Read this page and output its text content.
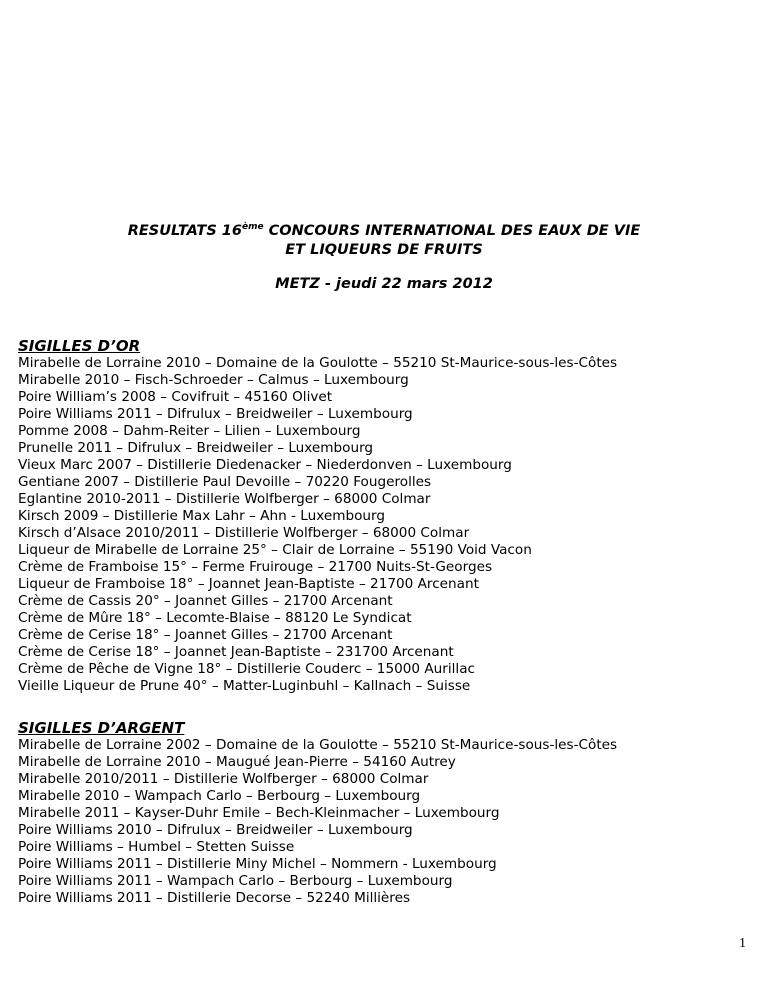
RESULTATS 16ème CONCOURS INTERNATIONAL DES EAUX DE VIE
ET LIQUEURS DE FRUITS
METZ - jeudi 22 mars 2012
SIGILLES D’OR
Mirabelle de Lorraine 2010 – Domaine de la Goulotte – 55210 St-Maurice-sous-les-Côtes
Mirabelle 2010 – Fisch-Schroeder – Calmus – Luxembourg
Poire William’s 2008 – Covifruit – 45160 Olivet
Poire Williams 2011 – Difrulux – Breidweiler – Luxembourg
Pomme 2008 – Dahm-Reiter – Lilien – Luxembourg
Prunelle 2011 – Difrulux – Breidweiler – Luxembourg
Vieux Marc 2007 – Distillerie Diedenacker – Niederdonven – Luxembourg
Gentiane 2007 – Distillerie Paul Devoille – 70220 Fougerolles
Eglantine 2010-2011 – Distillerie Wolfberger – 68000 Colmar
Kirsch 2009 – Distillerie Max Lahr – Ahn - Luxembourg
Kirsch d’Alsace 2010/2011 – Distillerie Wolfberger – 68000 Colmar
Liqueur de Mirabelle de Lorraine 25° – Clair de Lorraine – 55190 Void Vacon
Crème de Framboise 15° – Ferme Fruirouge – 21700 Nuits-St-Georges
Liqueur de Framboise 18° – Joannet Jean-Baptiste – 21700 Arcenant
Crème de Cassis 20° – Joannet Gilles – 21700 Arcenant
Crème de Mûre 18° – Lecomte-Blaise – 88120 Le Syndicat
Crème de Cerise 18° – Joannet Gilles – 21700 Arcenant
Crème de Cerise 18° – Joannet Jean-Baptiste – 231700 Arcenant
Crème de Pêche de Vigne 18° – Distillerie Couderc – 15000 Aurillac
Vieille Liqueur de Prune 40° – Matter-Luginbuhl – Kallnach – Suisse
SIGILLES D’ARGENT
Mirabelle de Lorraine 2002 – Domaine de la Goulotte – 55210 St-Maurice-sous-les-Côtes
Mirabelle de Lorraine 2010 – Maugué Jean-Pierre – 54160 Autrey
Mirabelle 2010/2011 – Distillerie Wolfberger – 68000 Colmar
Mirabelle 2010 – Wampach Carlo – Berbourg – Luxembourg
Mirabelle 2011 – Kayser-Duhr Emile – Bech-Kleinmacher – Luxembourg
Poire Williams 2010 – Difrulux – Breidweiler – Luxembourg
Poire Williams – Humbel – Stetten Suisse
Poire Williams 2011 – Distillerie Miny Michel – Nommern - Luxembourg
Poire Williams 2011 – Wampach Carlo – Berbourg – Luxembourg
Poire Williams 2011 – Distillerie Decorse – 52240 Millières
1
